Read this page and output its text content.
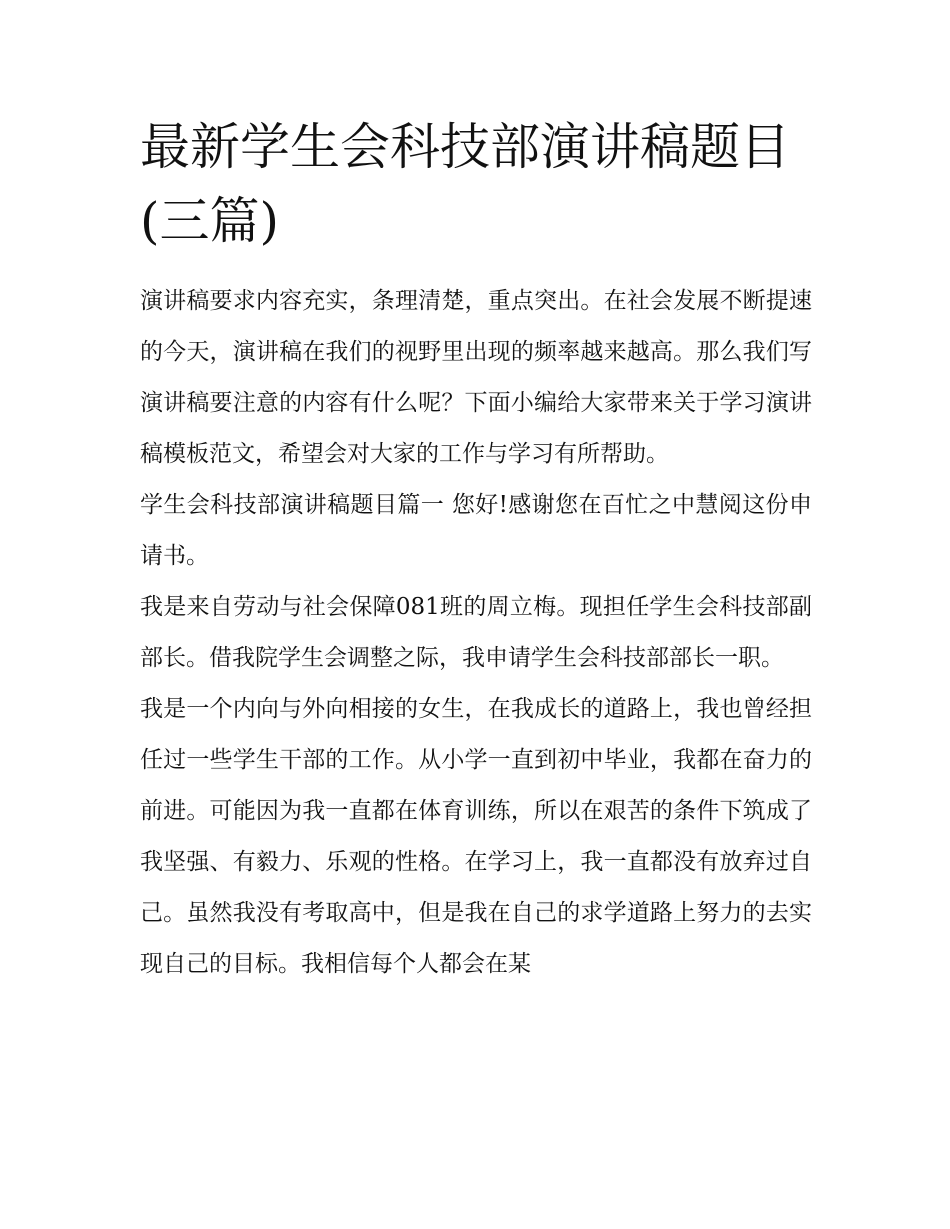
最新学生会科技部演讲稿题目(三篇)

演讲稿要求内容充实，条理清楚，重点突出。在社会发展不断提速的今天，演讲稿在我们的视野里出现的频率越来越高。那么我们写演讲稿要注意的内容有什么呢？下面小编给大家带来关于学习演讲稿模板范文，希望会对大家的工作与学习有所帮助。

学生会科技部演讲稿题目篇一 您好!感谢您在百忙之中慧阅这份申请书。

我是来自劳动与社会保障081班的周立梅。现担任学生会科技部副部长。借我院学生会调整之际，我申请学生会科技部部长一职。

我是一个内向与外向相接的女生，在我成长的道路上，我也曾经担任过一些学生干部的工作。从小学一直到初中毕业，我都在奋力的前进。可能因为我一直都在体育训练，所以在艰苦的条件下筑成了我坚强、有毅力、乐观的性格。在学习上，我一直都没有放弃过自己。虽然我没有考取高中，但是我在自己的求学道路上努力的去实现自己的目标。我相信每个人都会在某
